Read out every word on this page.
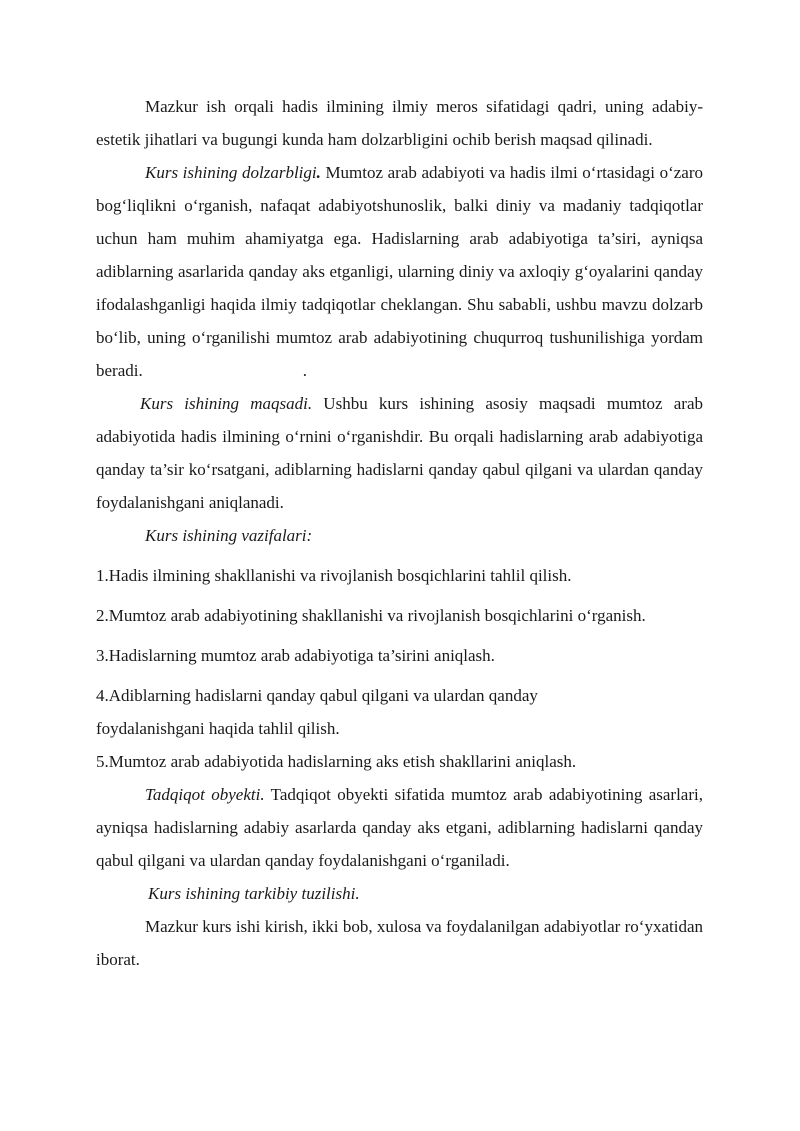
Mazkur ish orqali hadis ilmining ilmiy meros sifatidagi qadri, uning adabiy-estetik jihatlari va bugungi kunda ham dolzarbligini ochib berish maqsad qilinadi.

Kurs ishining dolzarbligi. Mumtoz arab adabiyoti va hadis ilmi o‘rtasidagi o‘zaro bog‘liqlikni o‘rganish, nafaqat adabiyotshunoslik, balki diniy va madaniy tadqiqotlar uchun ham muhim ahamiyatga ega. Hadislarning arab adabiyotiga ta’siri, ayniqsa adiblarning asarlarida qanday aks etganligi, ularning diniy va axloqiy g‘oyalarini qanday ifodalashganligi haqida ilmiy tadqiqotlar cheklangan. Shu sababli, ushbu mavzu dolzarb bo‘lib, uning o‘rganilishi mumtoz arab adabiyotining chuqurroq tushunilishiga yordam beradi.	.

Kurs ishining maqsadi. Ushbu kurs ishining asosiy maqsadi mumtoz arab adabiyotida hadis ilmining o‘rnini o‘rganishdir. Bu orqali hadislarning arab adabiyotiga qanday ta’sir ko‘rsatgani, adiblarning hadislarni qanday qabul qilgani va ulardan qanday foydalanishgani aniqlanadi.

Kurs ishining vazifalari:

1.Hadis ilmining shakllanishi va rivojlanish bosqichlarini tahlil qilish.

2.Mumtoz arab adabiyotining shakllanishi va rivojlanish bosqichlarini o‘rganish.

3.Hadislarning mumtoz arab adabiyotiga ta’sirini aniqlash.

4.Adiblarning hadislarni qanday qabul qilgani va ulardan qanday foydalanishgani haqida tahlil qilish.

5.Mumtoz arab adabiyotida hadislarning aks etish shakllarini aniqlash.

Tadqiqot obyekti. Tadqiqot obyekti sifatida mumtoz arab adabiyotining asarlari, ayniqsa hadislarning adabiy asarlarda qanday aks etgani, adiblarning hadislarni qanday qabul qilgani va ulardan qanday foydalanishgani o‘rganiladi.

Kurs ishining tarkibiy tuzilishi.

Mazkur kurs ishi kirish, ikki bob, xulosa va foydalanilgan adabiyotlar ro‘yxatidan iborat.
